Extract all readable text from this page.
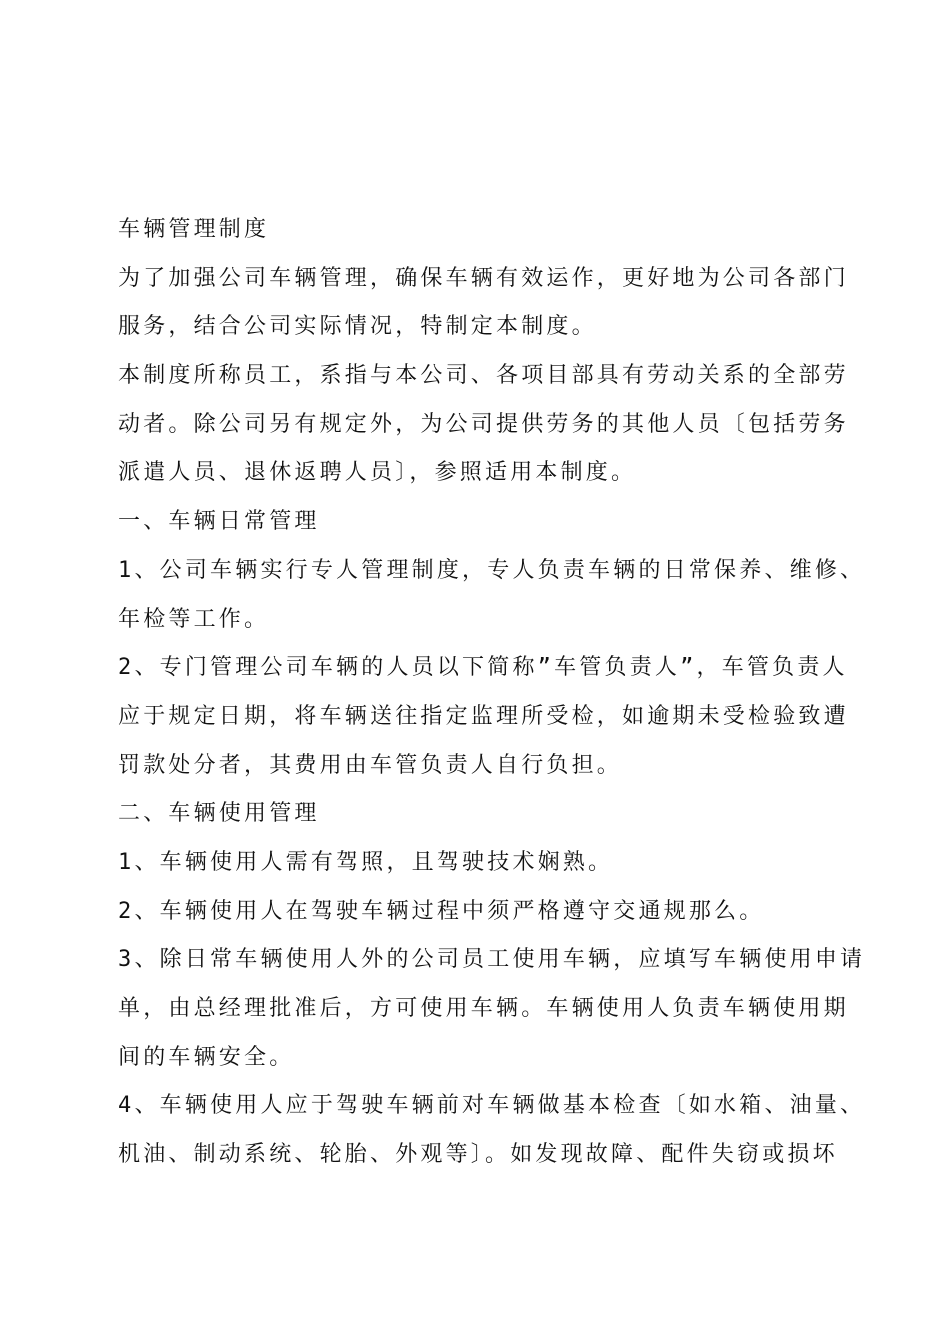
车辆管理制度
为了加强公司车辆管理，确保车辆有效运作，更好地为公司各部门
服务，结合公司实际情况，特制定本制度。
本制度所称员工，系指与本公司、各项目部具有劳动关系的全部劳
动者。除公司另有规定外，为公司提供劳务的其他人员〔包括劳务
派遣人员、退休返聘人员〕，参照适用本制度。
一、车辆日常管理
1、公司车辆实行专人管理制度，专人负责车辆的日常保养、维修、
年检等工作。
2、专门管理公司车辆的人员以下简称”车管负责人”，车管负责人
应于规定日期，将车辆送往指定监理所受检，如逾期未受检验致遭
罚款处分者，其费用由车管负责人自行负担。
二、车辆使用管理
1、车辆使用人需有驾照，且驾驶技术娴熟。
2、车辆使用人在驾驶车辆过程中须严格遵守交通规那么。
3、除日常车辆使用人外的公司员工使用车辆，应填写车辆使用申请
单，由总经理批准后，方可使用车辆。车辆使用人负责车辆使用期
间的车辆安全。
4、车辆使用人应于驾驶车辆前对车辆做基本检查〔如水箱、油量、
机油、制动系统、轮胎、外观等〕。如发现故障、配件失窃或损坏
